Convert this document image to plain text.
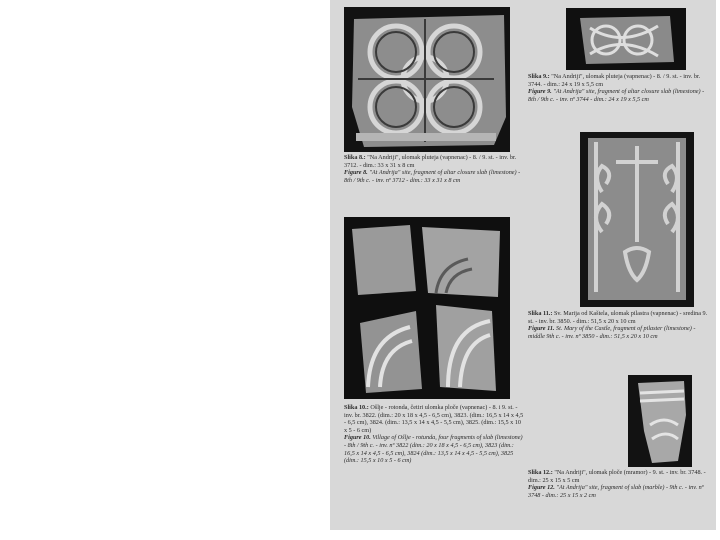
Slika 9.: "Na Andriji", ulomak pluteja (vapnenac) - 8. / 9. st. - inv. br. 3744. - dim.: 24 x 19 x 5,5 cm
Figure 9. "At Andrija" site, fragment of altar closure slab (limestone) - 8th / 9th c. - inv. nº 3744 - dim.: 24 x 19 x 5,5 cm
Slika 8.: "Na Andriji", ulomak pluteja (vapnenac) - 8. / 9. st. - inv. br. 3712. - dim.: 33 x 31 x 8 cm
Figure 8. "At Andrija" site, fragment of altar closure slab (limestone) - 8th / 9th c. - inv. nº 3712 - dim.: 33 x 31 x 8 cm
Slika 11.: Sv. Marija od Kaštela, ulomak pilastra (vapnenac) - sredina 9. st. - inv. br. 3850. - dim.: 51,5 x 20 x 10 cm
Figure 11. St. Mary of the Castle, fragment of pilaster (limestone) - middle 9th c. - inv. nº 3850 - dim.: 51,5 x 20 x 10 cm
Slika 10.: Ošlje - rotonda, četiri ulomka ploče (vapnenac) - 8. i 9. st. - inv. br. 3822. (dim.: 20 x 18 x 4,5 - 6,5 cm), 3823. (dim.: 16,5 x 14 x 4,5 - 6,5 cm), 3824. (dim.: 13,5 x 14 x 4,5 - 5,5 cm), 3825. (dim.: 15,5 x 10 x 5 - 6 cm)
Figure 10. Village of Ošlje - rotunda, four fragments of slab (limestone) - 8th / 9th c. - inv. nº 3822 (dim.: 20 x 18 x 4,5 - 6,5 cm), 3823 (dim.: 16,5 x 14 x 4,5 - 6,5 cm), 3824 (dim.: 13,5 x 14 x 4,5 - 5,5 cm), 3825 (dim.: 15,5 x 10 x 5 - 6 cm)
Slika 12.: "Na Andriji", ulomak ploče (mramor) - 9. st. - inv. br. 3748. - dim.: 25 x 15 x 5 cm
Figure 12. "At Andrija" site, fragment of slab (marble) - 9th c. - inv. nº 3748 - dim.: 25 x 15 x 2 cm
